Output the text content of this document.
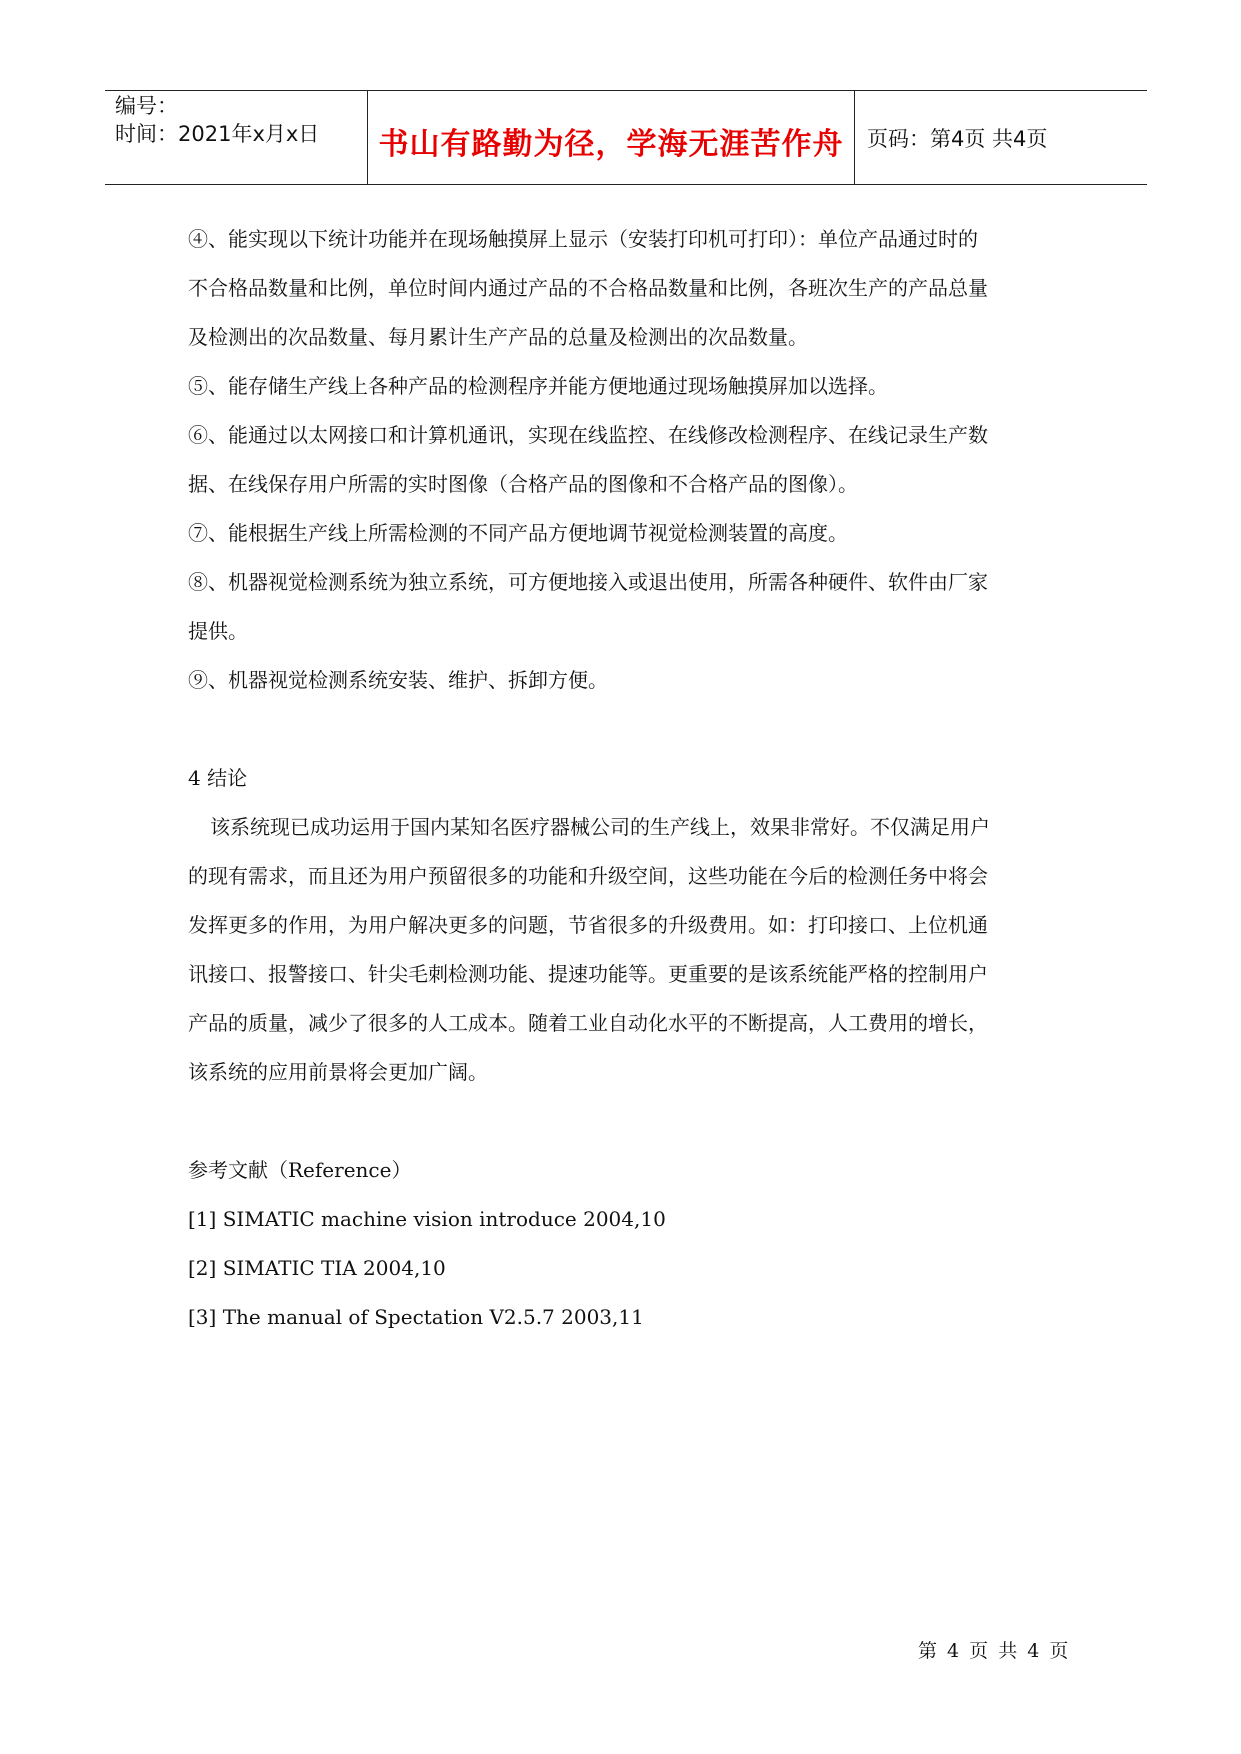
编号：
时间：2021年x月x日	书山有路勤为径，学海无涯苦作舟	页码：第4页 共4页

④、能实现以下统计功能并在现场触摸屏上显示（安装打印机可打印）：单位产品通过时的

不合格品数量和比例，单位时间内通过产品的不合格品数量和比例，各班次生产的产品总量

及检测出的次品数量、每月累计生产产品的总量及检测出的次品数量。

⑤、能存储生产线上各种产品的检测程序并能方便地通过现场触摸屏加以选择。

⑥、能通过以太网接口和计算机通讯，实现在线监控、在线修改检测程序、在线记录生产数

据、在线保存用户所需的实时图像（合格产品的图像和不合格产品的图像）。

⑦、能根据生产线上所需检测的不同产品方便地调节视觉检测装置的高度。

⑧、机器视觉检测系统为独立系统，可方便地接入或退出使用，所需各种硬件、软件由厂家

提供。

⑨、机器视觉检测系统安装、维护、拆卸方便。

4 结论

该系统现已成功运用于国内某知名医疗器械公司的生产线上，效果非常好。不仅满足用户

的现有需求，而且还为用户预留很多的功能和升级空间，这些功能在今后的检测任务中将会

发挥更多的作用，为用户解决更多的问题，节省很多的升级费用。如：打印接口、上位机通

讯接口、报警接口、针尖毛刺检测功能、提速功能等。更重要的是该系统能严格的控制用户

产品的质量，减少了很多的人工成本。随着工业自动化水平的不断提高，人工费用的增长，

该系统的应用前景将会更加广阔。

参考文献（Reference）

[1] SIMATIC machine vision introduce 2004,10

[2] SIMATIC TIA 2004,10

[3] The manual of Spectation V2.5.7 2003,11

第 4 页 共 4 页
